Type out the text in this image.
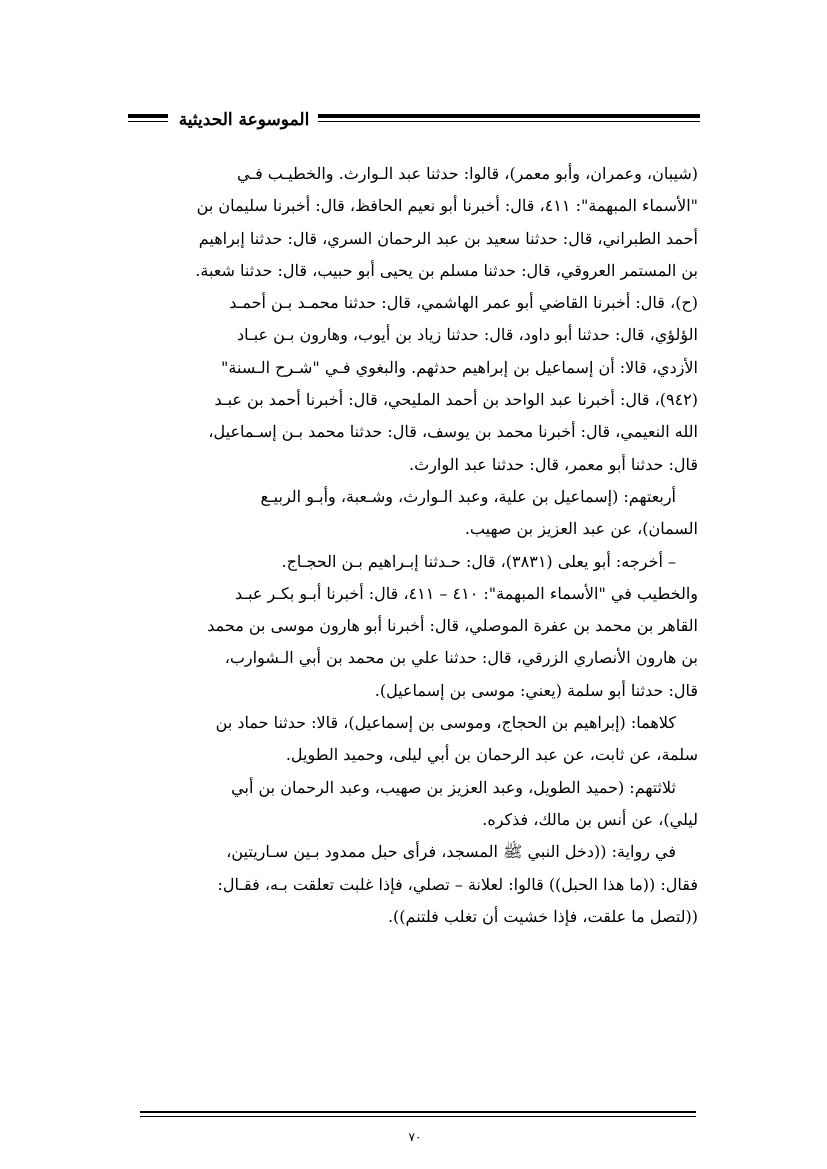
الموسوعة الحديثية

(شيبان، وعمران، وأبو معمر)، قالوا: حدثنا عبد الـوارث. والخطيـب فـي
"الأسماء المبهمة": ٤١١، قال: أخبرنا أبو نعيم الحافظ، قال: أخبرنا سليمان بن
أحمد الطبراني، قال: حدثنا سعيد بن عبد الرحمان السري، قال: حدثنا إبراهيم
بن المستمر العروقي، قال: حدثنا مسلم بن يحيى أبو حبيب، قال: حدثنا شعبة.
(ح)، قال: أخبرنا القاضي أبو عمر الهاشمي، قال: حدثنا محمـد بـن أحمـد
الؤلؤي، قال: حدثنا أبو داود، قال: حدثنا زياد بن أيوب، وهارون بـن عبـاد
الأزدي، قالا: أن إسماعيل بن إبراهيم حدثهم. والبغوي فـي "شـرح الـسنة"
(٩٤٢)، قال: أخبرنا عبد الواحد بن أحمد المليحي، قال: أخبرنا أحمد بن عبـد
الله النعيمي، قال: أخبرنا محمد بن يوسف، قال: حدثنا محمد بـن إسـماعيل،
قال: حدثنا أبو معمر، قال: حدثنا عبد الوارث.

أربعتهم: (إسماعيل بن علية، وعبد الـوارث، وشـعبة، وأبـو الربيـع
السمان)، عن عبد العزيز بن صهيب.

– أخرجه: أبو يعلى (٣٨٣١)، قال: حـدثنا إبـراهيم بـن الحجـاج.

والخطيب في "الأسماء المبهمة": ٤١٠ – ٤١١، قال: أخبرنا أبـو بكـر عبـد
القاهر بن محمد بن عفرة الموصلي، قال: أخبرنا أبو هارون موسى بن محمد
بن هارون الأنصاري الزرقي، قال: حدثنا علي بن محمد بن أبي الـشوارب،
قال: حدثنا أبو سلمة (يعني: موسى بن إسماعيل).

كلاهما: (إبراهيم بن الحجاج، وموسى بن إسماعيل)، قالا: حدثنا حماد بن
سلمة، عن ثابت، عن عبد الرحمان بن أبي ليلى، وحميد الطويل.

ثلاثتهم: (حميد الطويل، وعبد العزيز بن صهيب، وعبد الرحمان بن أبي
ليلي)، عن أنس بن مالك، فذكره.

في رواية: ((دخل النبي ﷺ المسجد، فرأى حبل ممدود بـين سـاريتين،
فقال: ((ما هذا الحبل)) قالوا: لعلانة – تصلي، فإذا غلبت تعلقت بـه، فقـال:
((لتصل ما علقت، فإذا خشيت أن تغلب فلتنم)).

٧٠
